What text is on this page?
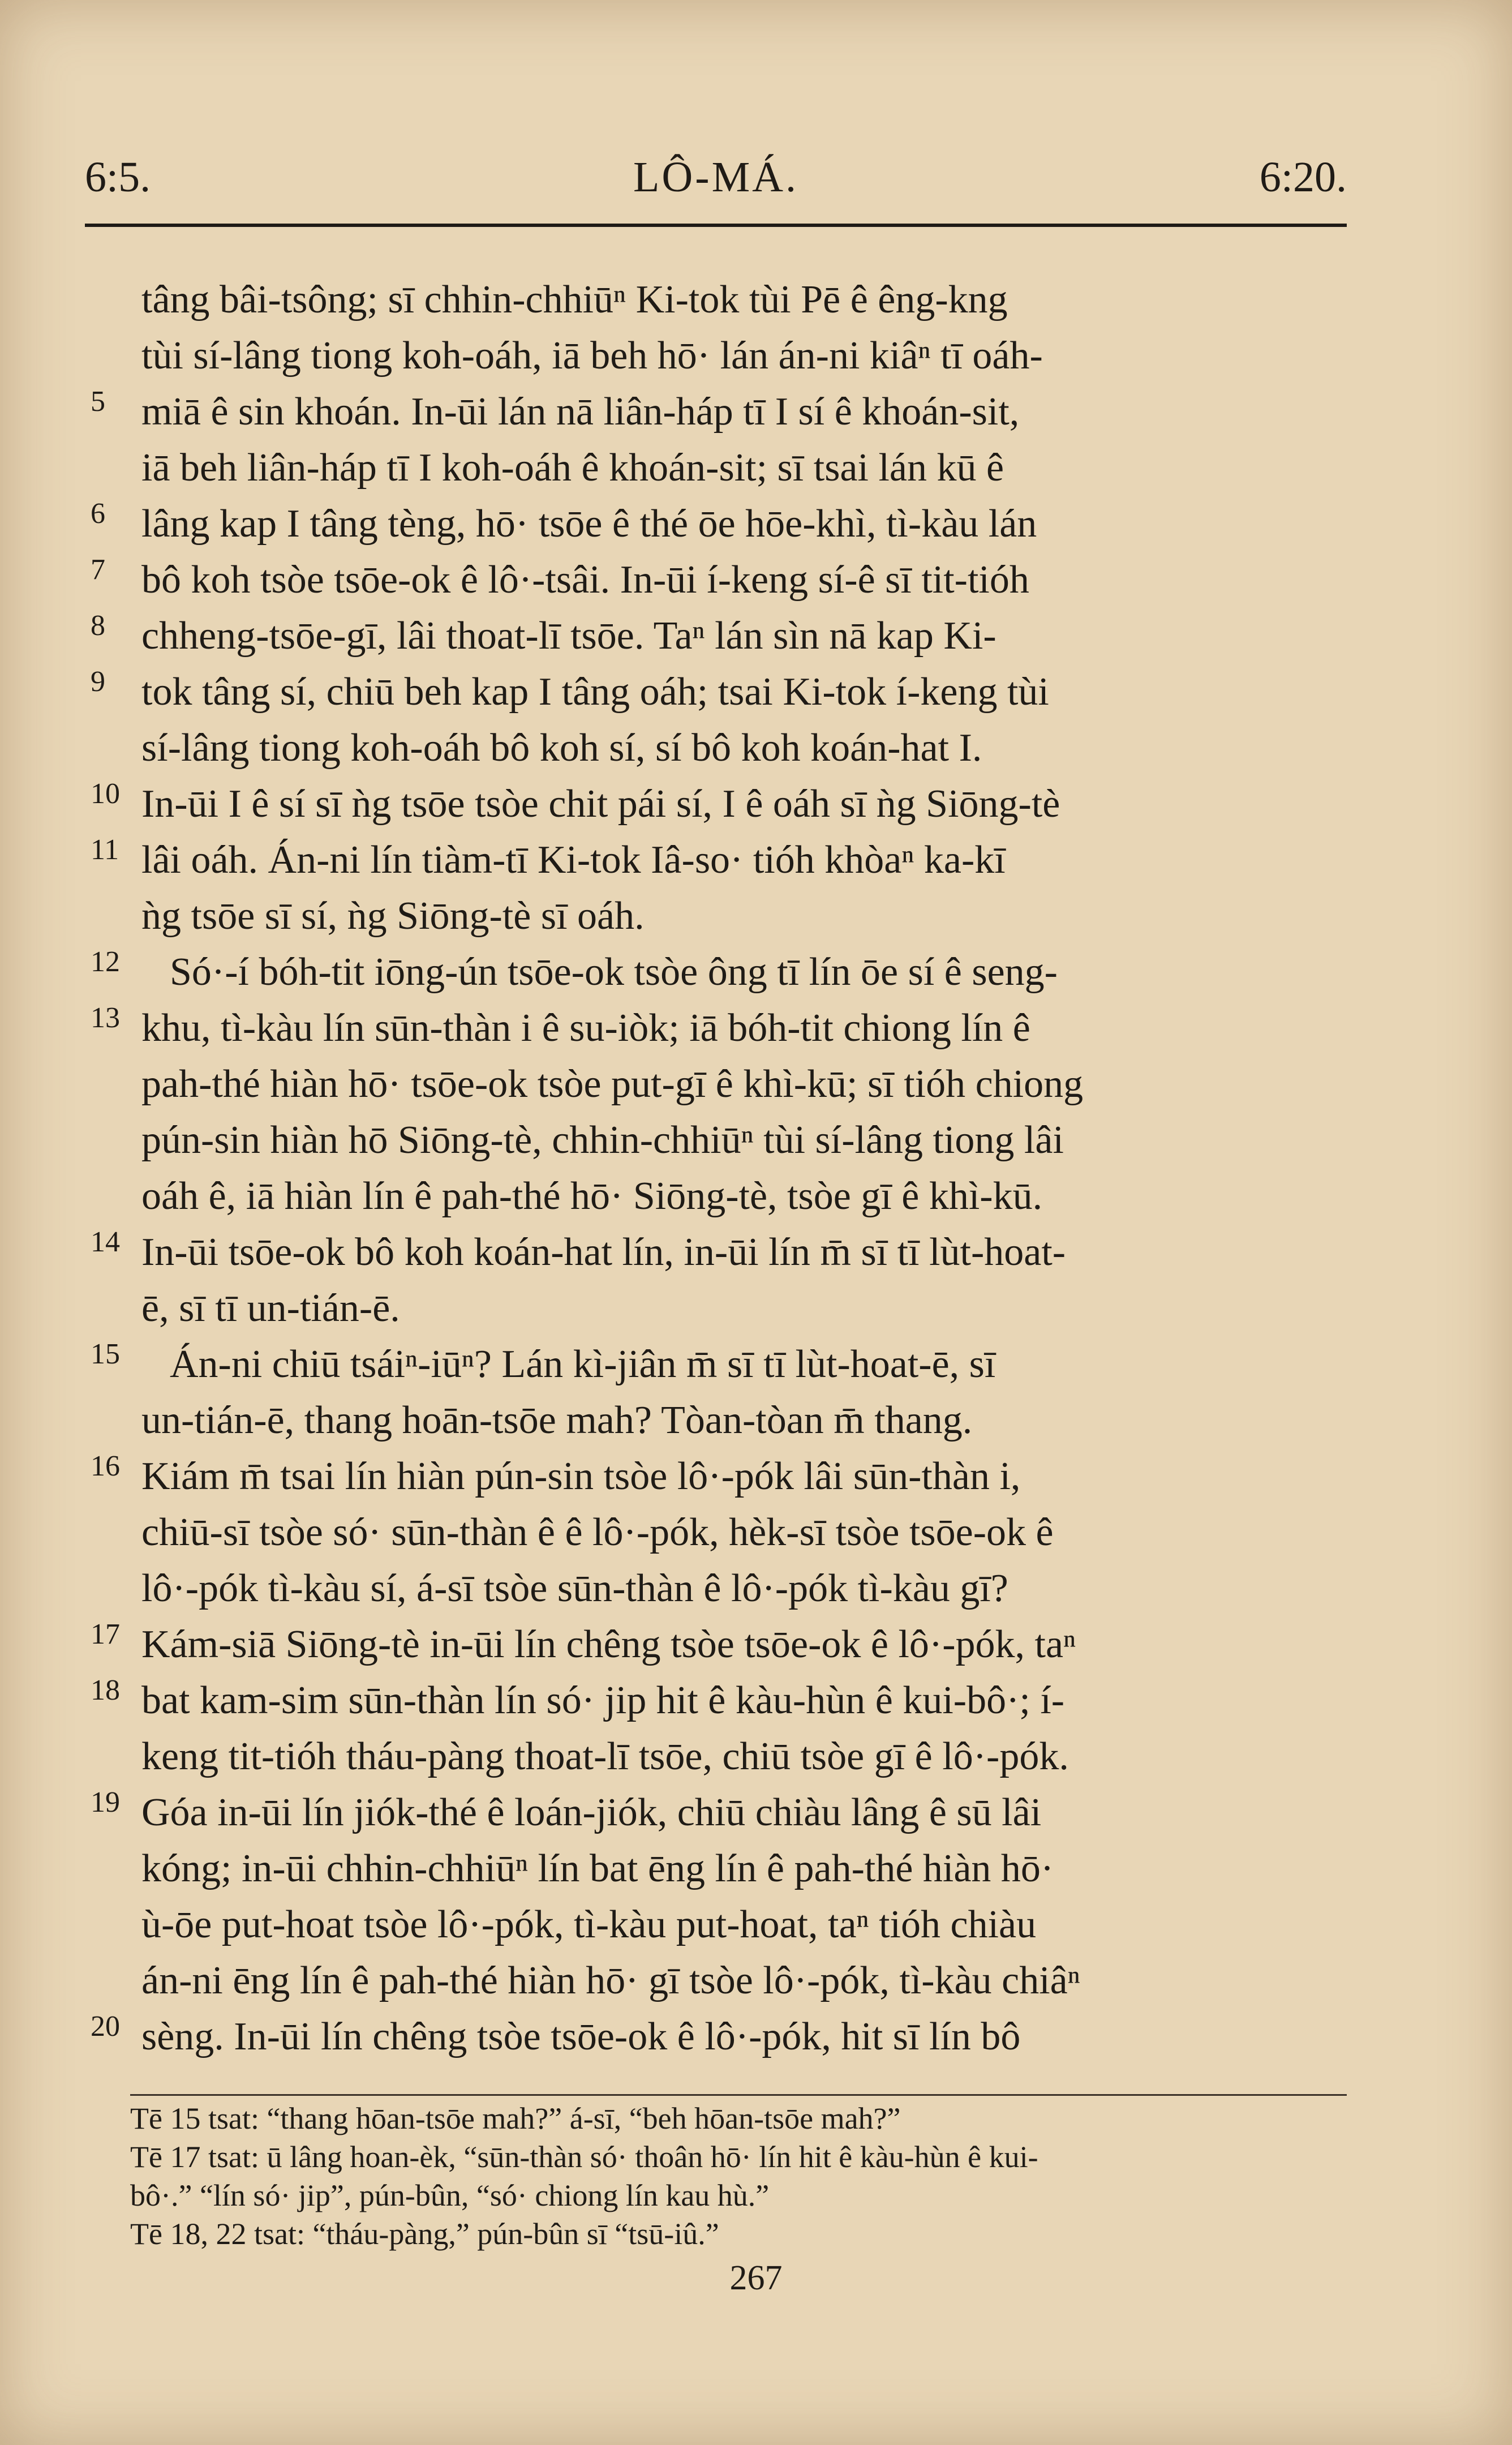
6:5.	LÔ-MÁ.	6:20.
tâng bâi-tsông; sī chhin-chhiūⁿ Ki-tok tùi Pē ê êng-kng
tùi sí-lâng tiong koh-oáh, iā beh hō· lán án-ni kiâⁿ tī oáh-
5 miā ê sin khoán. In-ūi lán nā liân-háp tī I sí ê khoán-sit,
iā beh liân-háp tī I koh-oáh ê khoán-sit; sī tsai lán kū ê
6 lâng kap I tâng tèng, hō· tsōe ê thé ōe hōe-khì, tì-kàu lán
7 bô koh tsòe tsōe-ok ê lô·-tsâi. In-ūi í-keng sí-ê sī tit-tióh
8 chheng-tsōe-gī, lâi thoat-lī tsōe. Taⁿ lán sìn nā kap Ki-
9 tok tâng sí, chiū beh kap I tâng oáh; tsai Ki-tok í-keng tùi
sí-lâng tiong koh-oáh bô koh sí, sí bô koh koán-hat I.
10 In-ūi I ê sí sī ǹg tsōe tsòe chit pái sí, I ê oáh sī ǹg Siōng-tè
11 lâi oáh. Án-ni lín tiàm-tī Ki-tok Iâ-so· tióh khòaⁿ ka-kī
ǹg tsōe sī sí, ǹg Siōng-tè sī oáh.
12 Só·-í bóh-tit iōng-ún tsōe-ok tsòe ông tī lín ōe sí ê seng-
13 khu, tì-kàu lín sūn-thàn i ê su-iòk; iā bóh-tit chiong lín ê
pah-thé hiàn hō· tsōe-ok tsòe put-gī ê khì-kū; sī tióh chiong
pún-sin hiàn hō Siōng-tè, chhin-chhiūⁿ tùi sí-lâng tiong lâi
oáh ê, iā hiàn lín ê pah-thé hō· Siōng-tè, tsòe gī ê khì-kū.
14 In-ūi tsōe-ok bô koh koán-hat lín, in-ūi lín m̄ sī tī lùt-hoat-
ē, sī tī un-tián-ē.
15 Án-ni chiū tsáiⁿ-iūⁿ? Lán kì-jiân m̄ sī tī lùt-hoat-ē, sī
un-tián-ē, thang hoān-tsōe mah? Tòan-tòan m̄ thang.
16 Kiám m̄ tsai lín hiàn pún-sin tsòe lô·-pók lâi sūn-thàn i,
chiū-sī tsòe só· sūn-thàn ê ê lô·-pók, hèk-sī tsòe tsōe-ok ê
lô·-pók tì-kàu sí, á-sī tsòe sūn-thàn ê lô·-pók tì-kàu gī?
17 Kám-siā Siōng-tè in-ūi lín chêng tsòe tsōe-ok ê lô·-pók, taⁿ
18 bat kam-sim sūn-thàn lín só· jip hit ê kàu-hùn ê kui-bô·; í-
keng tit-tióh tháu-pàng thoat-lī tsōe, chiū tsòe gī ê lô·-pók.
19 Góa in-ūi lín jiók-thé ê loán-jiók, chiū chiàu lâng ê sū lâi
kóng; in-ūi chhin-chhiūⁿ lín bat ēng lín ê pah-thé hiàn hō·
ù-ōe put-hoat tsòe lô·-pók, tì-kàu put-hoat, taⁿ tióh chiàu
án-ni ēng lín ê pah-thé hiàn hō· gī tsòe lô·-pók, tì-kàu chiâⁿ
20 sèng. In-ūi lín chêng tsòe tsōe-ok ê lô·-pók, hit sī lín bô
Tē 15 tsat: “thang hōan-tsōe mah?” á-sī, “beh hōan-tsōe mah?”
Tē 17 tsat: ū lâng hoan-èk, “sūn-thàn só· thoân hō· lín hit ê kàu-hùn ê kui-
bô·.” “lín só· jip”, pún-bûn, “só· chiong lín kau hù.”
Tē 18, 22 tsat: “tháu-pàng,” pún-bûn sī “tsū-iû.”
267
